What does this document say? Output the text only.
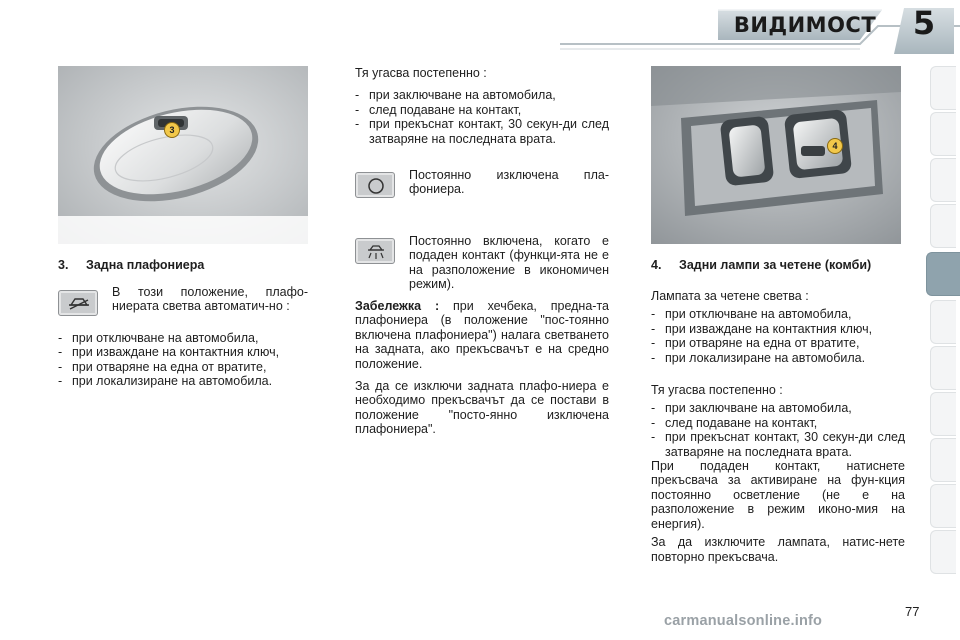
ВИДИМОСТ 5
3
3. Задна плафониера

В този положение, плафо-ниерата светва автоматич-но :

- при отключване на автомобила,
- при изваждане на контактния ключ,
- при отваряне на една от вратите,
- при локализиране на автомобила.

Тя угасва постепенно :

- при заключване на автомобила,
- след подаване на контакт,
- при прекъснат контакт, 30 секун-ди след затваряне на последната врата.

Постоянно изключена пла-фониера.

Постоянно включена, когато е подаден контакт (функци-ята не е на разположение в икономичен режим).

Забележка : при хечбека, предна-та плафониера (в положение "пос-тоянно включена плафониера") налага светването на задната, ако прекъсвачът е на средно положение.

За да се изключи задната плафо-ниера е необходимо прекъсвачът да се постави в положение "посто-янно изключена плафониера".

4
4. Задни лампи за четене (комби)

Лампата за четене светва :

- при отключване на автомобила,
- при изваждане на контактния ключ,
- при отваряне на една от вратите,
- при локализиране на автомобила.

Тя угасва постепенно :

- при заключване на автомобила,
- след подаване на контакт,
- при прекъснат контакт, 30 секун-ди след затваряне на последната врата.

При подаден контакт, натиснете прекъсвача за активиране на фун-кция постоянно осветление (не е на разположение в режим иконо-мия на енергия).

За да изключите лампата, натис-нете повторно прекъсвача.

77
carmanualsonline.info
